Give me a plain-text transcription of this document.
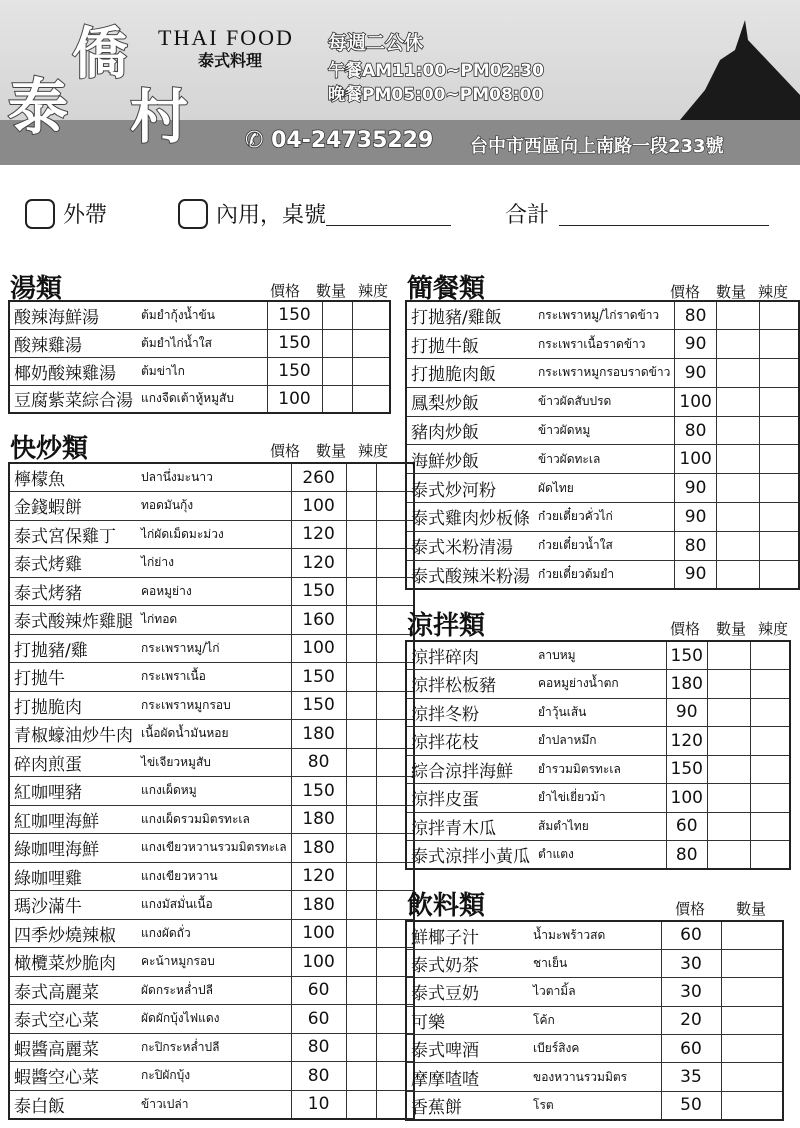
泰
僑
村
THAI FOOD
泰式料理
每週二公休
午餐AM11:00~PM02:30
晚餐PM05:00~PM08:00
✆ 04-24735229 台中市西區向上南路一段233號
外帶	內用，桌號	合計
湯類	價格	數量 辣度
酸辣海鮮湯	ต้มยำกุ้งน้ำข้น	150		
酸辣雞湯	ต้มยำไก่น้ำใส	150		
椰奶酸辣雞湯	ต้มข่าไก	150		
豆腐紫菜綜合湯	แกงจืดเต้าหู้หมูสับ	100		
快炒類	價格	數量 辣度
檸檬魚	ปลานึ่งมะนาว	260		
金錢蝦餅	ทอดมันกุ้ง	100		
泰式宮保雞丁	ไก่ผัดเม็ดมะม่วง	120		
泰式烤雞	ไก่ย่าง	120		
泰式烤豬	คอหมูย่าง	150		
泰式酸辣炸雞腿	ไก่ทอด	160		
打拋豬/雞	กระเพราหมู/ไก่	100		
打拋牛	กระเพราเนื้อ	150		
打拋脆肉	กระเพราหมูกรอบ	150		
青椒蠔油炒牛肉	เนื้อผัดน้ำมันหอย	180		
碎肉煎蛋	ไข่เจียวหมูสับ	80		
紅咖哩豬	แกงเผ็ดหมู	150		
紅咖哩海鮮	แกงเผ็ดรวมมิตรทะเล	180		
綠咖哩海鮮	แกงเขียวหวานรวมมิตรทะเล	180		
綠咖哩雞	แกงเขียวหวาน	120		
瑪沙滿牛	แกงมัสมั่นเนื้อ	180		
四季炒燒辣椒	แกงผัดถั่ว	100		
橄欖菜炒脆肉	คะน้าหมูกรอบ	100		
泰式高麗菜	ผัดกระหล่ำปลี	60		
泰式空心菜	ผัดผักบุ้งไฟแดง	60		
蝦醬高麗菜	กะปิกระหล่ำปลี	80		
蝦醬空心菜	กะปิผักบุ้ง	80		
泰白飯	ข้าวเปล่า	10		
簡餐類	價格	數量 辣度
打拋豬/雞飯	กระเพราหมู/ไก่ราดข้าว	80		
打拋牛飯	กระเพราเนื้อราดข้าว	90		
打拋脆肉飯	กระเพราหมูกรอบราดข้าว	90		
鳳梨炒飯	ข้าวผัดสับปรด	100		
豬肉炒飯	ข้าวผัดหมู	80		
海鮮炒飯	ข้าวผัดทะเล	100		
泰式炒河粉	ผัดไทย	90		
泰式雞肉炒板條	ก๋วยเตี๋ยวคั่วไก่	90		
泰式米粉清湯	ก๋วยเตี๋ยวน้ำใส	80		
泰式酸辣米粉湯	ก๋วยเตี๋ยวต้มยำ	90		
涼拌類	價格	數量 辣度
涼拌碎肉	ลาบหมู	150		
涼拌松板豬	คอหมูย่างน้ำตก	180		
涼拌冬粉	ยำวุ้นเส้น	90		
涼拌花枝	ยำปลาหมึก	120		
綜合涼拌海鮮	ยำรวมมิตรทะเล	150		
涼拌皮蛋	ยำไข่เยี่ยวม้า	100		
涼拌青木瓜	ส้มตำไทย	60		
泰式涼拌小黃瓜	ตำแตง	80		
飲料類	價格	數量
鮮椰子汁	น้ำมะพร้าวสด	60	
泰式奶茶	ชาเย็น	30	
泰式豆奶	ไวตามิ้ล	30	
可樂	โค้ก	20	
泰式啤酒	เบียร์สิงค	60	
摩摩喳喳	ของหวานรวมมิตร	35	
香蕉餅	โรต	50	
